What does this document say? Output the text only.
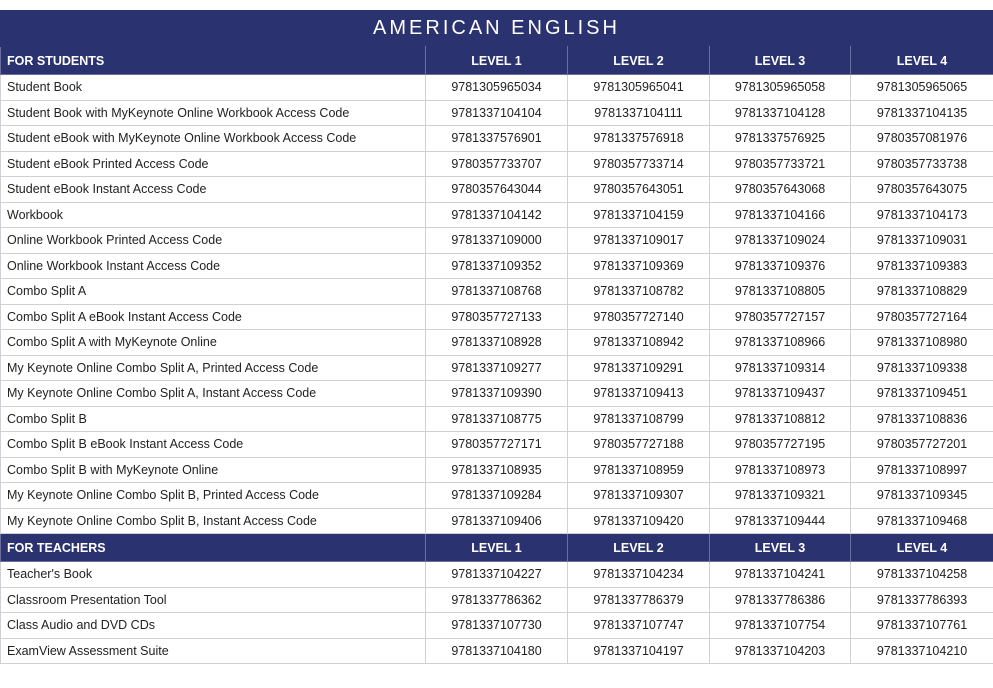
AMERICAN ENGLISH
FOR STUDENTS	LEVEL 1	LEVEL 2	LEVEL 3	LEVEL 4
Student Book	9781305965034	9781305965041	9781305965058	9781305965065
Student Book with MyKeynote Online Workbook Access Code	9781337104104	9781337104111	9781337104128	9781337104135
Student eBook with MyKeynote Online Workbook Access Code	9781337576901	9781337576918	9781337576925	9780357081976
Student eBook Printed Access Code	9780357733707	9780357733714	9780357733721	9780357733738
Student eBook Instant Access Code	9780357643044	9780357643051	9780357643068	9780357643075
Workbook	9781337104142	9781337104159	9781337104166	9781337104173
Online Workbook Printed Access Code	9781337109000	9781337109017	9781337109024	9781337109031
Online Workbook Instant Access Code	9781337109352	9781337109369	9781337109376	9781337109383
Combo Split A	9781337108768	9781337108782	9781337108805	9781337108829
Combo Split A eBook Instant Access Code	9780357727133	9780357727140	9780357727157	9780357727164
Combo Split A with MyKeynote Online	9781337108928	9781337108942	9781337108966	9781337108980
My Keynote Online Combo Split A, Printed Access Code	9781337109277	9781337109291	9781337109314	9781337109338
My Keynote Online Combo Split A, Instant Access Code	9781337109390	9781337109413	9781337109437	9781337109451
Combo Split B	9781337108775	9781337108799	9781337108812	9781337108836
Combo Split B eBook Instant Access Code	9780357727171	9780357727188	9780357727195	9780357727201
Combo Split B with MyKeynote Online	9781337108935	9781337108959	9781337108973	9781337108997
My Keynote Online Combo Split B, Printed Access Code	9781337109284	9781337109307	9781337109321	9781337109345
My Keynote Online Combo Split B, Instant Access Code	9781337109406	9781337109420	9781337109444	9781337109468
FOR TEACHERS	LEVEL 1	LEVEL 2	LEVEL 3	LEVEL 4
Teacher's Book	9781337104227	9781337104234	9781337104241	9781337104258
Classroom Presentation Tool	9781337786362	9781337786379	9781337786386	9781337786393
Class Audio and DVD CDs	9781337107730	9781337107747	9781337107754	9781337107761
ExamView Assessment Suite	9781337104180	9781337104197	9781337104203	9781337104210
